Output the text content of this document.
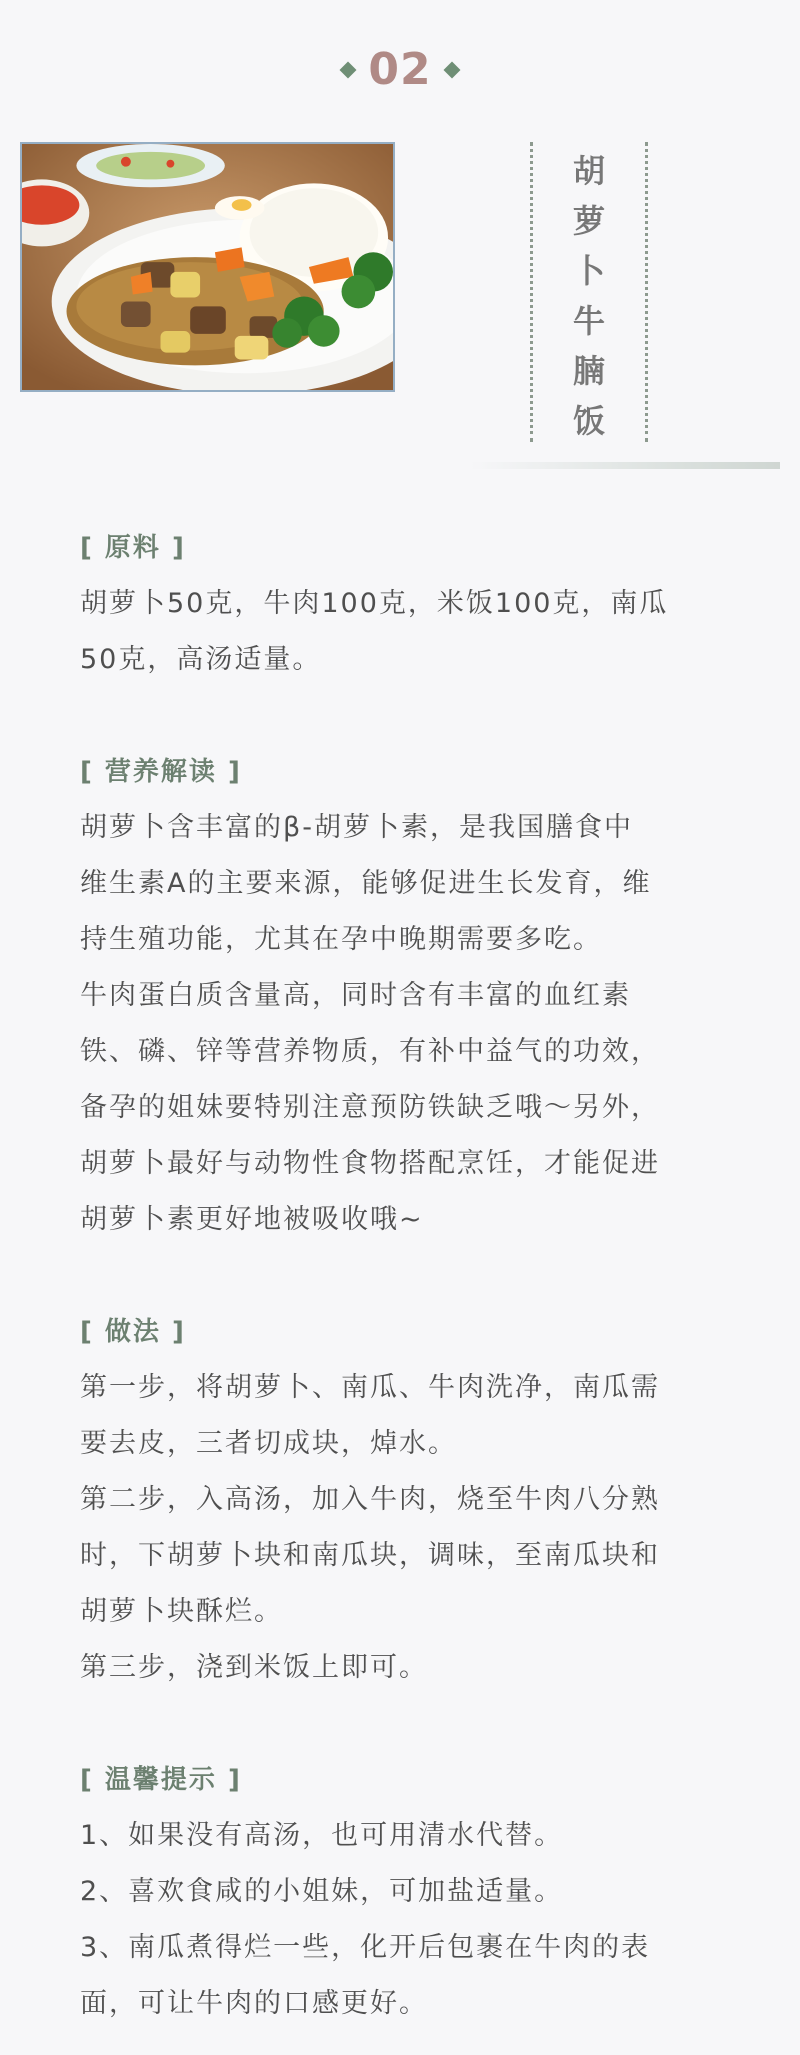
02
胡
萝
卜
牛
腩
饭
[ 原料 ]

胡萝卜50克，牛肉100克，米饭100克，南瓜

50克，高汤适量。

[ 营养解读 ]

胡萝卜含丰富的β-胡萝卜素，是我国膳食中

维生素A的主要来源，能够促进生长发育，维

持生殖功能，尤其在孕中晚期需要多吃。

牛肉蛋白质含量高，同时含有丰富的血红素

铁、磷、锌等营养物质，有补中益气的功效，

备孕的姐妹要特别注意预防铁缺乏哦～另外，

胡萝卜最好与动物性食物搭配烹饪，才能促进

胡萝卜素更好地被吸收哦~

[ 做法 ]

第一步，将胡萝卜、南瓜、牛肉洗净，南瓜需

要去皮，三者切成块，焯水。

第二步，入高汤，加入牛肉，烧至牛肉八分熟

时，下胡萝卜块和南瓜块，调味，至南瓜块和

胡萝卜块酥烂。

第三步，浇到米饭上即可。

[ 温馨提示 ]

1、如果没有高汤，也可用清水代替。

2、喜欢食咸的小姐妹，可加盐适量。

3、南瓜煮得烂一些，化开后包裹在牛肉的表

面，可让牛肉的口感更好。
